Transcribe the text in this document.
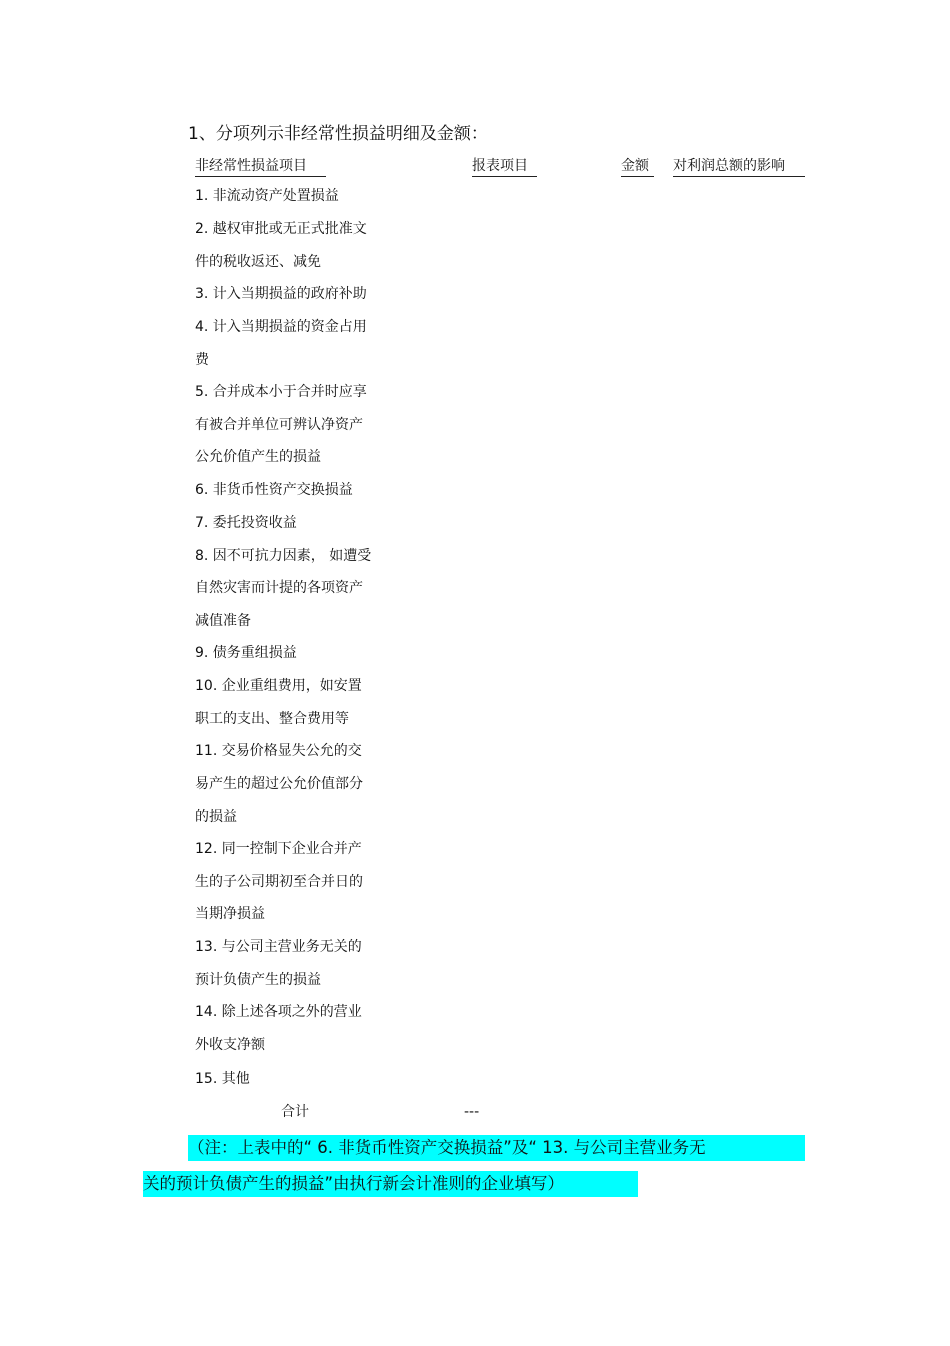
1、分项列示非经常性损益明细及金额：
非经常性损益项目	报表项目	金额	对利润总额的影响
1. 非流动资产处置损益
2. 越权审批或无正式批准文
件的税收返还、减免
3. 计入当期损益的政府补助
4. 计入当期损益的资金占用
费
5. 合并成本小于合并时应享
有被合并单位可辨认净资产
公允价值产生的损益
6. 非货币性资产交换损益
7. 委托投资收益
8. 因不可抗力因素， 如遭受
自然灾害而计提的各项资产
减值准备
9. 债务重组损益
10. 企业重组费用，如安置
职工的支出、整合费用等
11. 交易价格显失公允的交
易产生的超过公允价值部分
的损益
12. 同一控制下企业合并产
生的子公司期初至合并日的
当期净损益
13. 与公司主营业务无关的
预计负债产生的损益
14. 除上述各项之外的营业
外收支净额
15. 其他
合计	---
（注：上表中的“ 6. 非货币性资产交换损益”及“ 13. 与公司主营业务无
关的预计负债产生的损益”由执行新会计准则的企业填写）
